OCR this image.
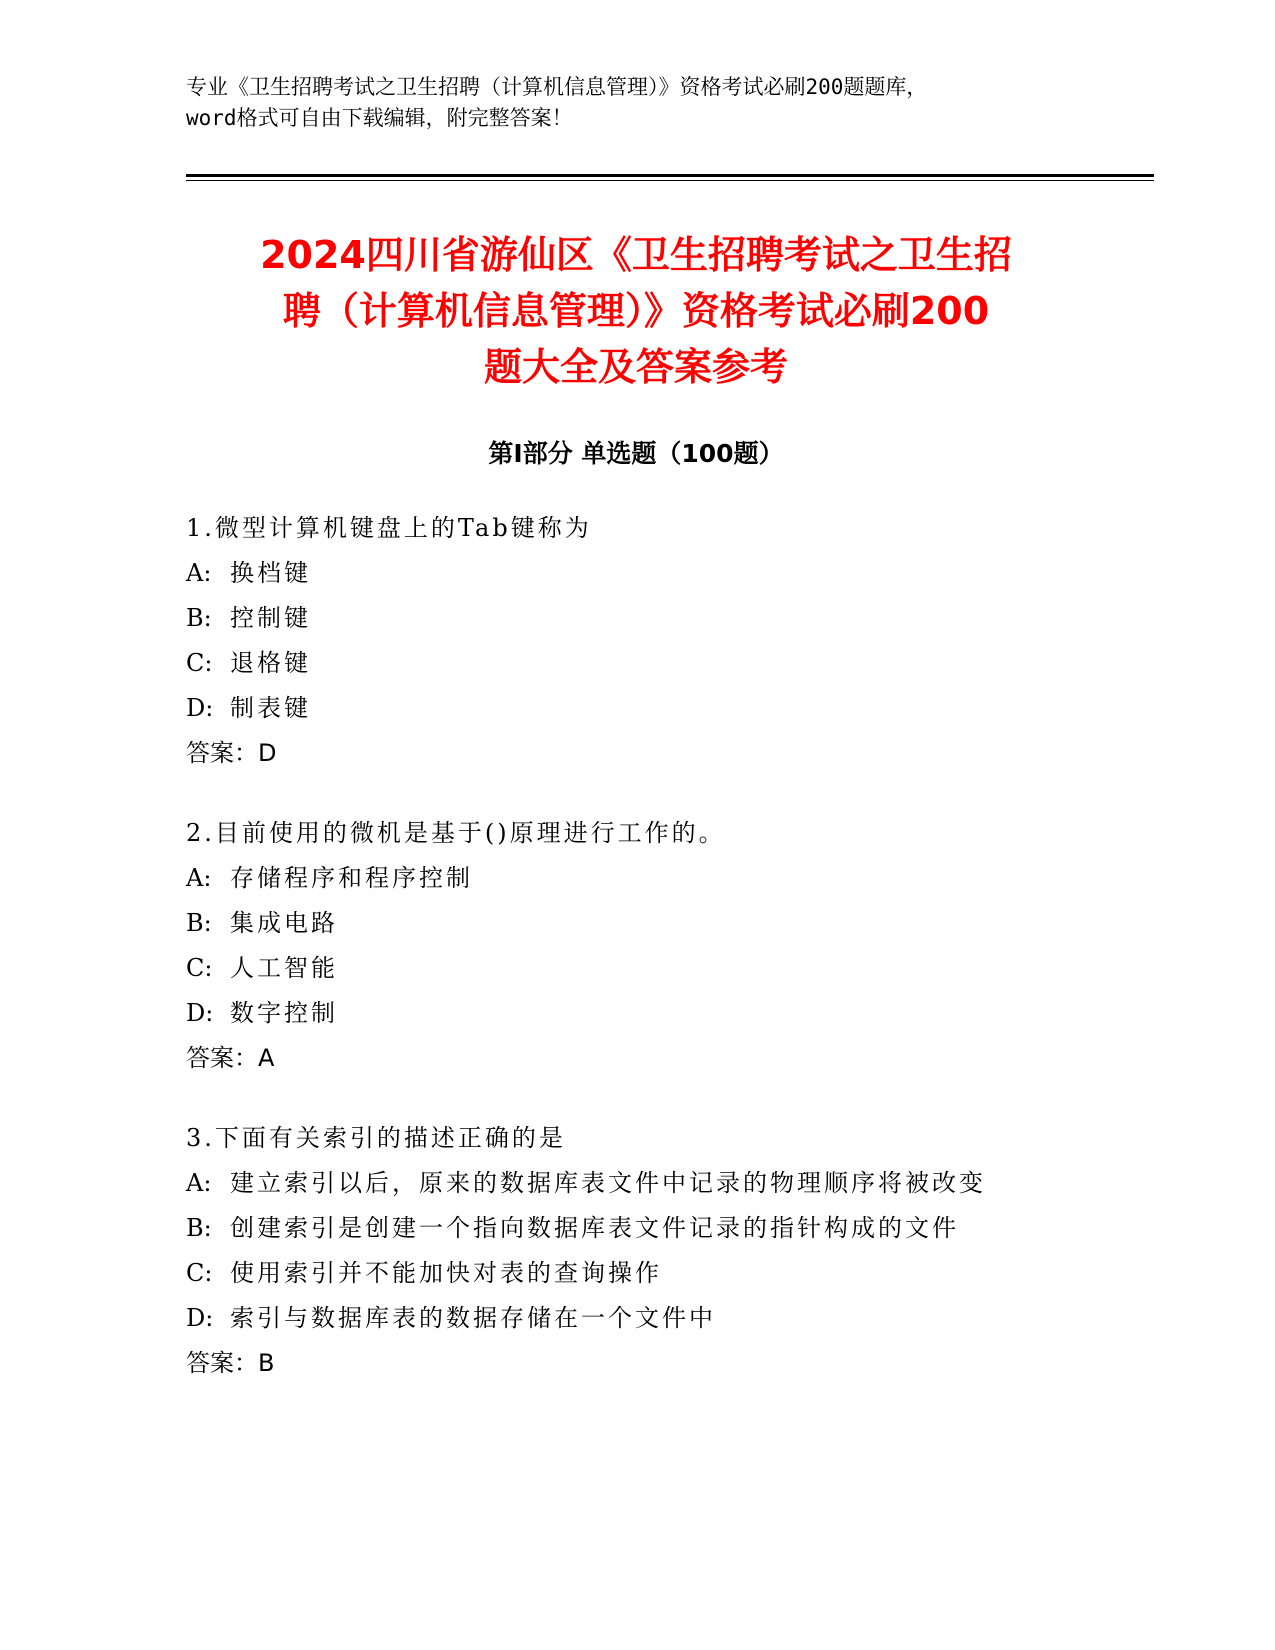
专业《卫生招聘考试之卫生招聘（计算机信息管理）》资格考试必刷200题题库，
word格式可自由下载编辑，附完整答案！
2024四川省游仙区《卫生招聘考试之卫生招
聘（计算机信息管理）》资格考试必刷200
题大全及答案参考
第Ⅰ部分 单选题（100题）
1.微型计算机键盘上的Tab键称为
A: 换档键
B: 控制键
C: 退格键
D: 制表键
答案：D
2.目前使用的微机是基于()原理进行工作的。
A: 存储程序和程序控制
B: 集成电路
C: 人工智能
D: 数字控制
答案：A
3.下面有关索引的描述正确的是
A: 建立索引以后，原来的数据库表文件中记录的物理顺序将被改变
B: 创建索引是创建一个指向数据库表文件记录的指针构成的文件
C: 使用索引并不能加快对表的查询操作
D: 索引与数据库表的数据存储在一个文件中
答案：B
